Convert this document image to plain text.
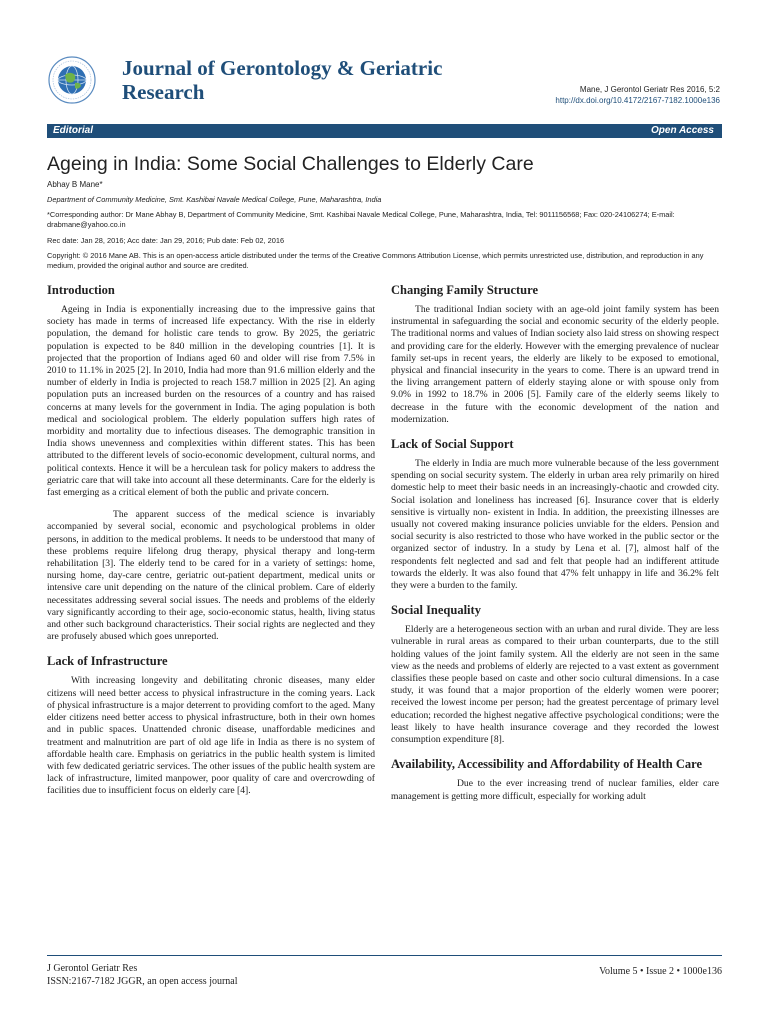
Journal of Gerontology & Geriatric Research	Mane, J Gerontol Geriatr Res 2016, 5:2
http://dx.doi.org/10.4172/2167-7182.1000e136
Editorial	Open Access
Ageing in India: Some Social Challenges to Elderly Care
Abhay B Mane*
Department of Community Medicine, Smt. Kashibai Navale Medical College, Pune, Maharashtra, India
*Corresponding author: Dr Mane Abhay B, Department of Community Medicine, Smt. Kashibai Navale Medical College, Pune, Maharashtra, India, Tel: 9011156568; Fax: 020-24106274; E-mail: drabmane@yahoo.co.in
Rec date: Jan 28, 2016; Acc date: Jan 29, 2016; Pub date: Feb 02, 2016
Copyright: © 2016 Mane AB. This is an open-access article distributed under the terms of the Creative Commons Attribution License, which permits unrestricted use, distribution, and reproduction in any medium, provided the original author and source are credited.
Introduction

Ageing in India is exponentially increasing due to the impressive gains that society has made in terms of increased life expectancy. With the rise in elderly population, the demand for holistic care tends to grow. By 2025, the geriatric population is expected to be 840 million in the developing countries [1]. It is projected that the proportion of Indians aged 60 and older will rise from 7.5% in 2010 to 11.1% in 2025 [2]. In 2010, India had more than 91.6 million elderly and the number of elderly in India is projected to reach 158.7 million in 2025 [2]. An aging population puts an increased burden on the resources of a country and has raised concerns at many levels for the government in India. The aging population is both medical and sociological problem. The elderly population suffers high rates of morbidity and mortality due to infectious diseases. The demographic transition in India shows unevenness and complexities within different states. This has been attributed to the different levels of socio-economic development, cultural norms, and political contexts. Hence it will be a herculean task for policy makers to address the geriatric care that will take into account all these determinants. Care for the elderly is fast emerging as a critical element of both the public and private concern.

The apparent success of the medical science is invariably accompanied by several social, economic and psychological problems in older persons, in addition to the medical problems. It needs to be understood that many of these problems require lifelong drug therapy, physical therapy and long-term rehabilitation [3]. The elderly tend to be cared for in a variety of settings: home, nursing home, day-care centre, geriatric out-patient department, medical units or intensive care unit depending on the nature of the clinical problem. Care of elderly necessitates addressing several social issues. The needs and problems of the elderly vary significantly according to their age, socio-economic status, health, living status and other such background characteristics. Their social rights are neglected and they are profusely abused which goes unreported.

Lack of Infrastructure

With increasing longevity and debilitating chronic diseases, many elder citizens will need better access to physical infrastructure in the coming years. Lack of physical infrastructure is a major deterrent to providing comfort to the aged. Many elder citizens need better access to physical infrastructure, both in their own homes and in public spaces. Unattended chronic disease, unaffordable medicines and treatment and malnutrition are part of old age life in India as there is no system of affordable health care. Emphasis on geriatrics in the public health system is limited with few dedicated geriatric services. The other issues of the public health system are lack of infrastructure, limited manpower, poor quality of care and overcrowding of facilities due to insufficient focus on elderly care [4].

Changing Family Structure

The traditional Indian society with an age-old joint family system has been instrumental in safeguarding the social and economic security of the elderly people. The traditional norms and values of Indian society also laid stress on showing respect and providing care for the elderly. However with the emerging prevalence of nuclear family set-ups in recent years, the elderly are likely to be exposed to emotional, physical and financial insecurity in the years to come. There is an upward trend in the living arrangement pattern of elderly staying alone or with spouse only from 9.0% in 1992 to 18.7% in 2006 [5]. Family care of the elderly seems likely to decrease in the future with the economic development of the nation and modernization.

Lack of Social Support

The elderly in India are much more vulnerable because of the less government spending on social security system. The elderly in urban area rely primarily on hired domestic help to meet their basic needs in an increasingly-chaotic and crowded city. Social isolation and loneliness has increased [6]. Insurance cover that is elderly sensitive is virtually non- existent in India. In addition, the preexisting illnesses are usually not covered making insurance policies unviable for the elders. Pension and social security is also restricted to those who have worked in the public sector or the organized sector of industry. In a study by Lena et al. [7], almost half of the respondents felt neglected and sad and felt that people had an indifferent attitude towards the elderly. It was also found that 47% felt unhappy in life and 36.2% felt they were a burden to the family.

Social Inequality

Elderly are a heterogeneous section with an urban and rural divide. They are less vulnerable in rural areas as compared to their urban counterparts, due to the still holding values of the joint family system. All the elderly are not seen in the same view as the needs and problems of elderly are rejected to a vast extent as government classifies these people based on caste and other socio cultural dimensions. In a case study, it was found that a major proportion of the elderly women were poorer; received the lowest income per person; had the greatest percentage of primary level education; recorded the highest negative affective psychological conditions; were the least likely to have health insurance coverage and they recorded the lowest consumption expenditure [8].

Availability, Accessibility and Affordability of Health Care

Due to the ever increasing trend of nuclear families, elder care management is getting more difficult, especially for working adult

J Gerontol Geriatr Res
ISSN:2167-7182 JGGR, an open access journal
Volume 5 • Issue 2 • 1000e136
